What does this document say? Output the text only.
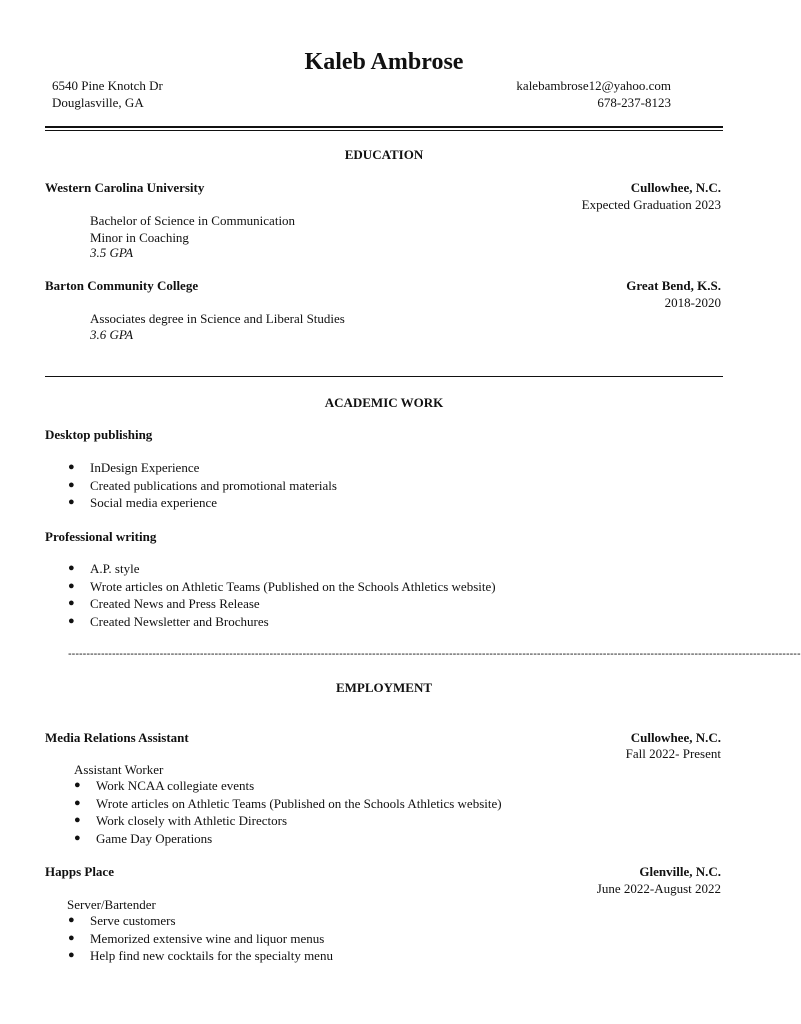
Kaleb Ambrose
6540 Pine Knotch Dr
Douglasville, GA
kalebambrose12@yahoo.com
678-237-8123
EDUCATION
Western Carolina University	Cullowhee, N.C.
Expected Graduation 2023
Bachelor of Science in Communication
Minor in Coaching
3.5 GPA
Barton Community College	Great Bend, K.S.
2018-2020
Associates degree in Science and Liberal Studies
3.6 GPA
ACADEMIC WORK
Desktop publishing
● InDesign Experience
● Created publications and promotional materials
● Social media experience
Professional writing
● A.P. style
● Wrote articles on Athletic Teams (Published on the Schools Athletics website)
● Created News and Press Release
● Created Newsletter and Brochures
--------------------------------------------------------------------------------------------------------------------------------------------------------------------------------------------------------
EMPLOYMENT
Media Relations Assistant	Cullowhee, N.C.
Fall 2022- Present
Assistant Worker
● Work NCAA collegiate events
● Wrote articles on Athletic Teams (Published on the Schools Athletics website)
● Work closely with Athletic Directors
● Game Day Operations
Happs Place	Glenville, N.C.
June 2022-August 2022
Server/Bartender
● Serve customers
● Memorized extensive wine and liquor menus
● Help find new cocktails for the specialty menu
